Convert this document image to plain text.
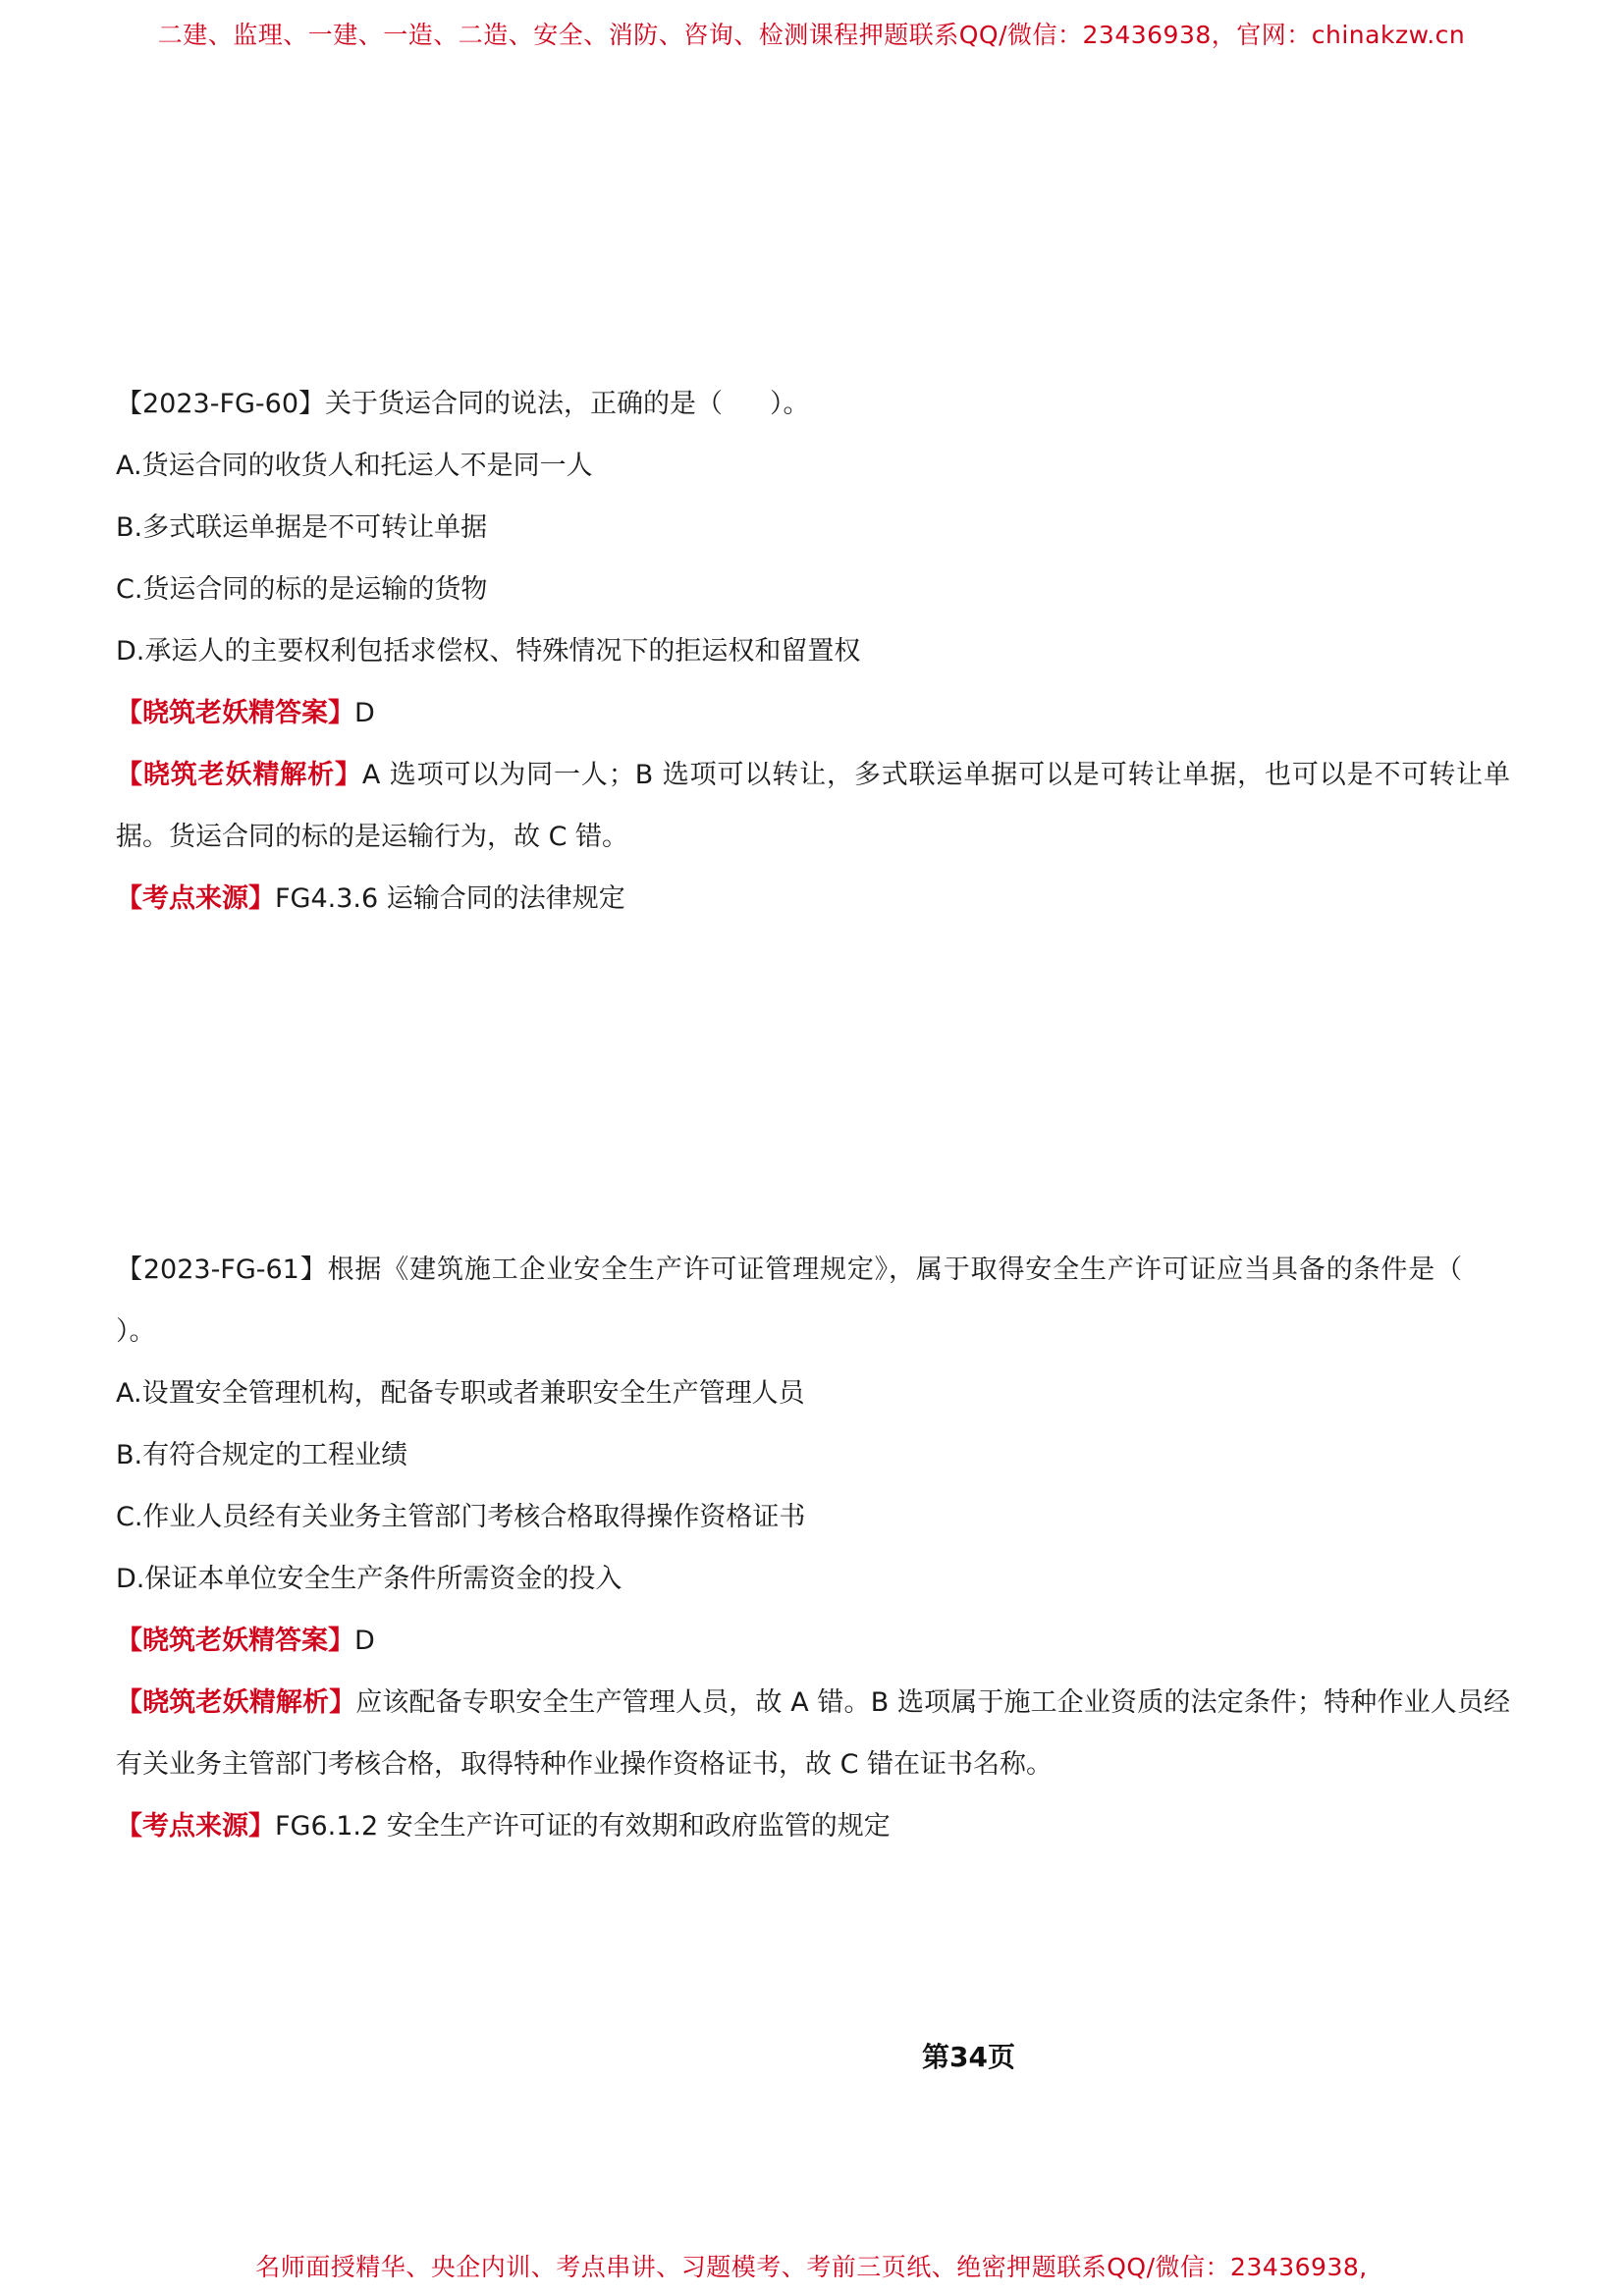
二建、监理、一建、一造、二造、安全、消防、咨询、检测课程押题联系QQ/微信：23436938，官网：chinakzw.cn

【2023-FG-60】关于货运合同的说法，正确的是（ ）。

A.货运合同的收货人和托运人不是同一人

B.多式联运单据是不可转让单据

C.货运合同的标的是运输的货物

D.承运人的主要权利包括求偿权、特殊情况下的拒运权和留置权

【晓筑老妖精答案】D

【晓筑老妖精解析】A 选项可以为同一人；B 选项可以转让，多式联运单据可以是可转让单据，也可以是不可转让单据。货运合同的标的是运输行为，故 C 错。

【考点来源】FG4.3.6 运输合同的法律规定

【2023-FG-61】根据《建筑施工企业安全生产许可证管理规定》，属于取得安全生产许可证应当具备的条件是（）。

A.设置安全管理机构，配备专职或者兼职安全生产管理人员

B.有符合规定的工程业绩

C.作业人员经有关业务主管部门考核合格取得操作资格证书

D.保证本单位安全生产条件所需资金的投入

【晓筑老妖精答案】D

【晓筑老妖精解析】应该配备专职安全生产管理人员，故 A 错。B 选项属于施工企业资质的法定条件；特种作业人员经有关业务主管部门考核合格，取得特种作业操作资格证书，故 C 错在证书名称。

【考点来源】FG6.1.2 安全生产许可证的有效期和政府监管的规定

第34页
名师面授精华、央企内训、考点串讲、习题模考、考前三页纸、绝密押题联系QQ/微信：23436938,
